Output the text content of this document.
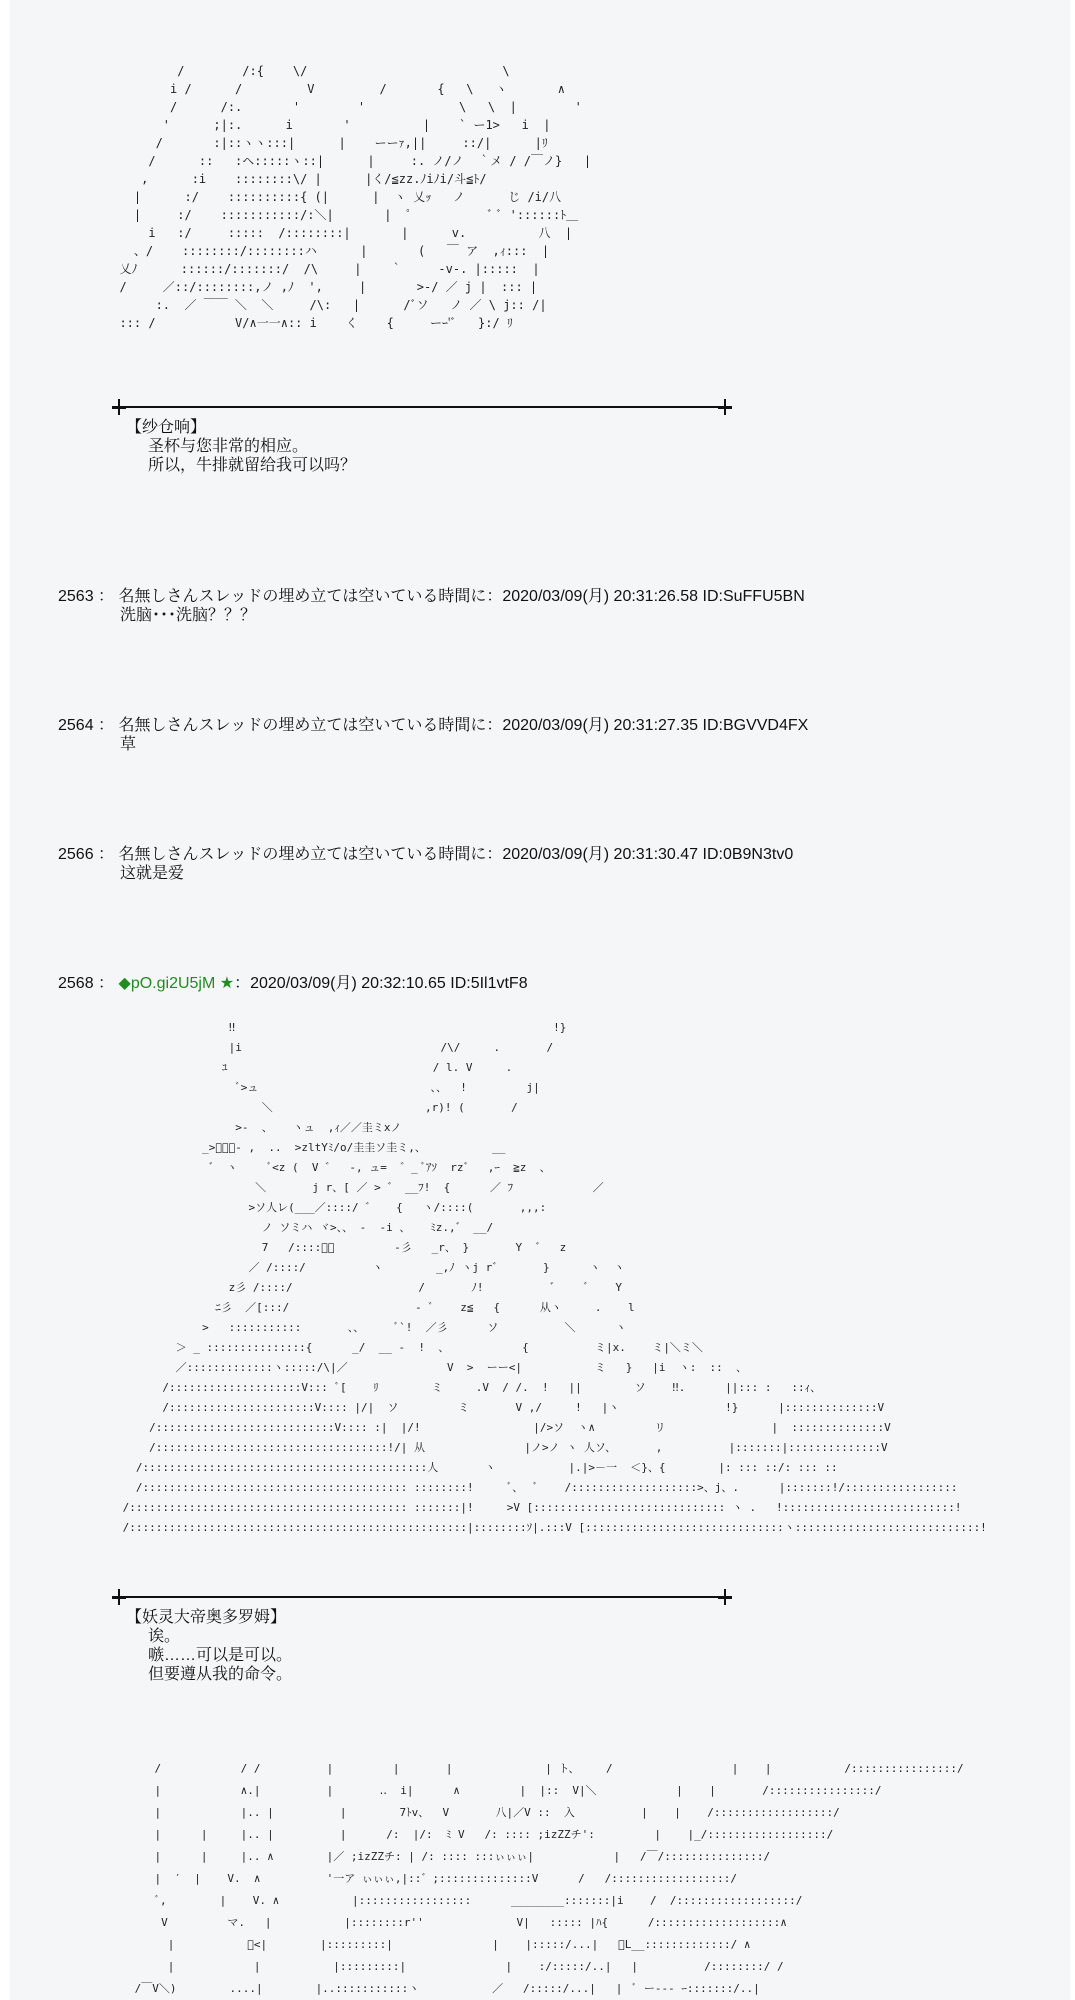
/        /:{    \/                           \
i /      /         V         /       {   \   ヽ       ∧
/      /:.       '        '             \   \  |        '
'      ;|:.      i       '          |    ` ー1>   i  |
/       :|::ヽヽ:::|      |    ーーｧ,||     ::/|      |ﾘ
/      ::   :ヘ:::::ヽ::|      |     :. ノ/ノ  ｀メ / /￣ノ}   |
,      :i    ::::::::\/ |      |く/≦zz.ﾉiﾉi/斗≦ﾄ/
|      :/    ::::::::::{ (|      |  ヽ 乂ｯ   ノ      じ /i/八
|     :/    :::::::::::/:＼|       |  ﾟ           ﾞ ﾞ '::::::ﾄ＿
i   :/     :::::  /::::::::|       |      v.          八  |
、/    ::::::::/::::::::ハ      |       (   ￣ ア  ,ｨ:::  |
乂ﾉ      ::::::/:::::::/  /\     |    ｀     -v-. |:::::  |
/     ／::/::::::::,ノ ,ﾉ  ',     |       >-/ ／ j |  ::: |
:.  ／ ￣￣ ＼  ＼     /\:   |      /ﾞソ   ノ ／ \ j:: /|
::: /           V/∧一一∧:: i    く    {     ーｰ'ﾞ   }:/ ﾘ
【纱仓响】
圣杯与您非常的相应。
所以，牛排就留给我可以吗？
2563 ： 名無しさんスレッドの埋め立ては空いている時間に：2020/03/09(月) 20:31:26.58 ID:SuFFU5BN
洗脑･･･洗脑？？？
2564 ： 名無しさんスレッドの埋め立ては空いている時間に：2020/03/09(月) 20:31:27.35 ID:BGVVD4FX
草
2566 ： 名無しさんスレッドの埋め立ては空いている時間に：2020/03/09(月) 20:31:30.47 ID:0B9N3tv0
这就是爱
2568 ： ◆pO.gi2U5jM ★：2020/03/09(月) 20:32:10.65 ID:5Il1vtF8
‼                                                !}
|i                              /\/     .       /
ﾕ                               / l. V     .
ﾞ>ュ                          、、  !         j|
＼                       ,r)! (       /
>-  、   ヽュ  ,ｨ／／圭ミxノ
_>ﾞ゛ー- ,  ..  >zltYﾐ/o/圭圭ソ圭ミ,、          __
゛ ヽ     ﾞ<z (  V ゛  -, ュ=  ゛_ ﾞｱｿ  rz゛  ,ｰ  ≧z  、
＼       j r、[ ／ > ゛ __ﾌ!  {      ／ ﾌ            ／
>ソ人レ(___／::::/ ゛   {   ヽ/::::(       ,,,:
ノ ソミハ ヾ>、、 ‐  -i 、   ﾐz.,゛ __/
7   /::::ﾞ、         -彡   _r、 }       Y  ゛  z
／ /::::/          ヽ        _,ﾉ ヽj r゛      }      ヽ  ヽ
z彡 /::::/                   /       ﾉ!          ゛    ﾞ    Y
ﾆ彡  ／[:::/                   - ﾞ    z≦   {      从ヽ     .    l
>   :::::::::::       、、     ﾞ`!  ／彡      ソ          ＼      ヽ
＞ _ :::::::::::::::{      _/  __ -  !  、           {          ミ|x.    ミ|＼ミ＼
／:::::::::::::ヽ:::::/\|／               V  >  ーー<|           ミ   }   |i  ヽ:  ::  、
/::::::::::::::::::::V::: ﾞ[    ﾘ        ミ     .V  / /.  !   ||        ソ    ‼.      ||::: :   ::ｨ、
/::::::::::::::::::::::V:::: |/|  ソ         ミ       V ,/     !   |ヽ                !}      |::::::::::::::V
/:::::::::::::::::::::::::::V:::: :|  |/!                 |/>ソ  ヽ∧         リ                |  ::::::::::::::V
/:::::::::::::::::::::::::::::::::::!/| 从               |ノ>ノ ヽ 人ソ、      ,          |:::::::|::::::::::::::V
/:::::::::::::::::::::::::::::::::::::::::::人       ヽ           |.|>－一  ＜}、{        |: ::: ::/: ::: ::
/:::::::::::::::::::::::::::::::::::::::: ::::::::!     ﾞ、  ﾞ    /:::::::::::::::::::>、j、.      |:::::::!/:::::::::::::::::
/:::::::::::::::::::::::::::::::::::::::::: :::::::|!     >V [::::::::::::::::::::::::::::: ヽ .   !::::::::::::::::::::::::::!
/:::::::::::::::::::::::::::::::::::::::::::::::::::|::::::::ｿ|.:::V [::::::::::::::::::::::::::::::ヽ::::::::::::::::::::::::::::!
【妖灵大帝奥多罗姆】
诶。
嗾……可以是可以。
但要遵从我的命令。
/            / /          |         |       |              | ト、    /                  |    |           /::::::::::::::::/
|            ∧.|          |       ‥  i|      ∧         |  |::  V|＼            |    |       /::::::::::::::::/
|            |.. |          |        7ﾄv、  V       八|／V ::  入          |    |    /::::::::::::::::::/
|      |     |.. |          |      /:  |/:  ﾐ V   /: :::: ;izZZチ':         |    |_/::::::::::::::::::/
|      |     |.. ∧        |／ ;izZZチ: | /: :::: :::ぃぃぃ|            |   /￣/:::::::::::::::/
|  ′  |    V.  ∧          '一ア ぃぃぃ,|::゛;::::::::::::::V      /   /::::::::::::::::::/
ﾞ,        |    V. ∧           |:::::::::::::::::      ________:::::::|i    /  /::::::::::::::::::/
V         マ.   |           |::::::::r''              V|   ::::: |ﾊ{      /:::::::::::::::::::∧
|           ﾞ<|        |:::::::::|               |    |:::::/...|   ＼L__:::::::::::::/ ∧
|            |           |:::::::::|               |    :/:::::/..|   |          /::::::::/ /
/￣V＼)        ....|        |..:::::::::::ヽ           ／   /:::::/...|   |  ﾞ ー‐‐‐ ｰ:::::::/..|
